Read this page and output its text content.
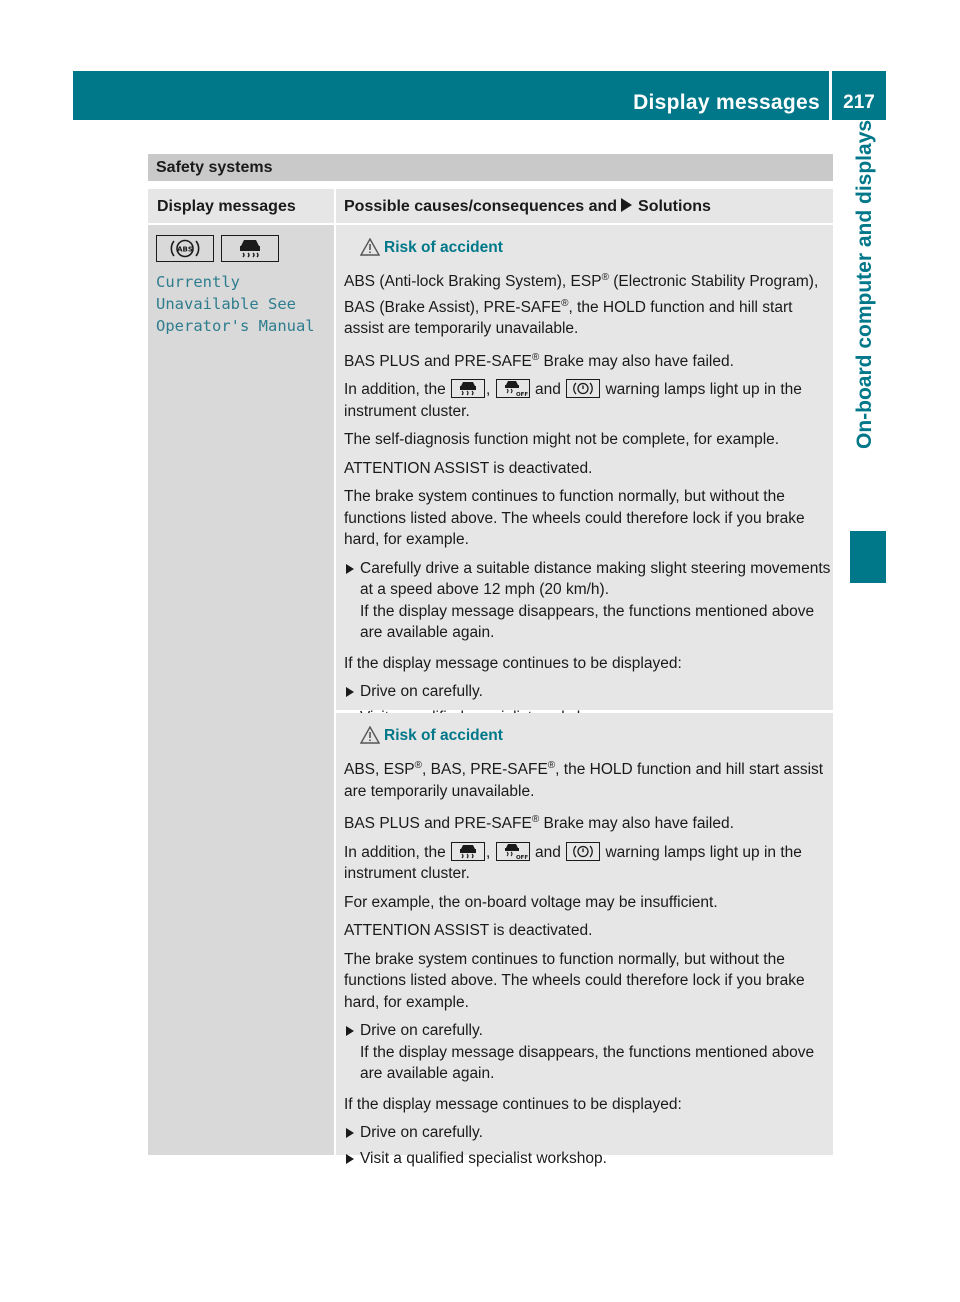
Display messages	217
On-board computer and displays
Safety systems
Display messages	Possible causes/consequences and Solutions
ABS
Currently
Unavailable See
Operator's Manual
Risk of accident

ABS (Anti-lock Braking System), ESP® (Electronic Stability Program), BAS (Brake Assist), PRE-SAFE®, the HOLD function and hill start assist are temporarily unavailable.

BAS PLUS and PRE-SAFE® Brake may also have failed.

In addition, the	,	OFF and	warning lamps light up in the instrument cluster.

The self-diagnosis function might not be complete, for example.

ATTENTION ASSIST is deactivated.

The brake system continues to function normally, but without the functions listed above. The wheels could therefore lock if you brake hard, for example.

Carefully drive a suitable distance making slight steering movements at a speed above 12 mph (20 km/h).

If the display message disappears, the functions mentioned above are available again.

If the display message continues to be displayed:

Drive on carefully.

Risk of accident

ABS, ESP®, BAS, PRE-SAFE®, the HOLD function and hill start assist are temporarily unavailable.

BAS PLUS and PRE-SAFE® Brake may also have failed.

In addition, the	,	OFF and	warning lamps light up in the instrument cluster.

For example, the on-board voltage may be insufficient.

ATTENTION ASSIST is deactivated.

The brake system continues to function normally, but without the functions listed above. The wheels could therefore lock if you brake hard, for example.

Drive on carefully.

If the display message disappears, the functions mentioned above are available again.

If the display message continues to be displayed:

Drive on carefully.

Visit a qualified specialist workshop.
